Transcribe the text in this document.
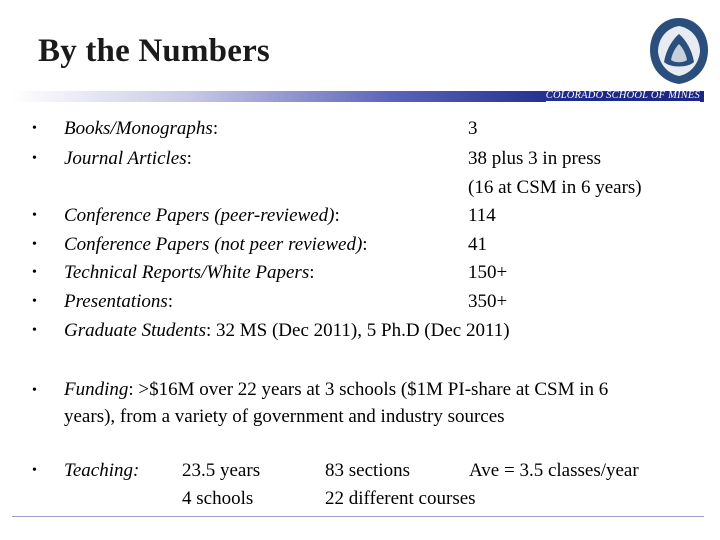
By the Numbers
COLORADO SCHOOL OF MINES
• Books/Monographs:	3
• Journal Articles:	38 plus 3 in press
(16 at CSM in 6 years)
• Conference Papers (peer-reviewed):	114
• Conference Papers (not peer reviewed):	41
• Technical Reports/White Papers:	150+
• Presentations:	350+
• Graduate Students: 32 MS (Dec 2011), 5 Ph.D (Dec 2011)
• Funding: >$16M over 22 years at 3 schools ($1M PI-share at CSM in 6 years), from a variety of government and industry sources
• Teaching: 23.5 years	83 sections	Ave = 3.5 classes/year
4 schools	22 different courses
